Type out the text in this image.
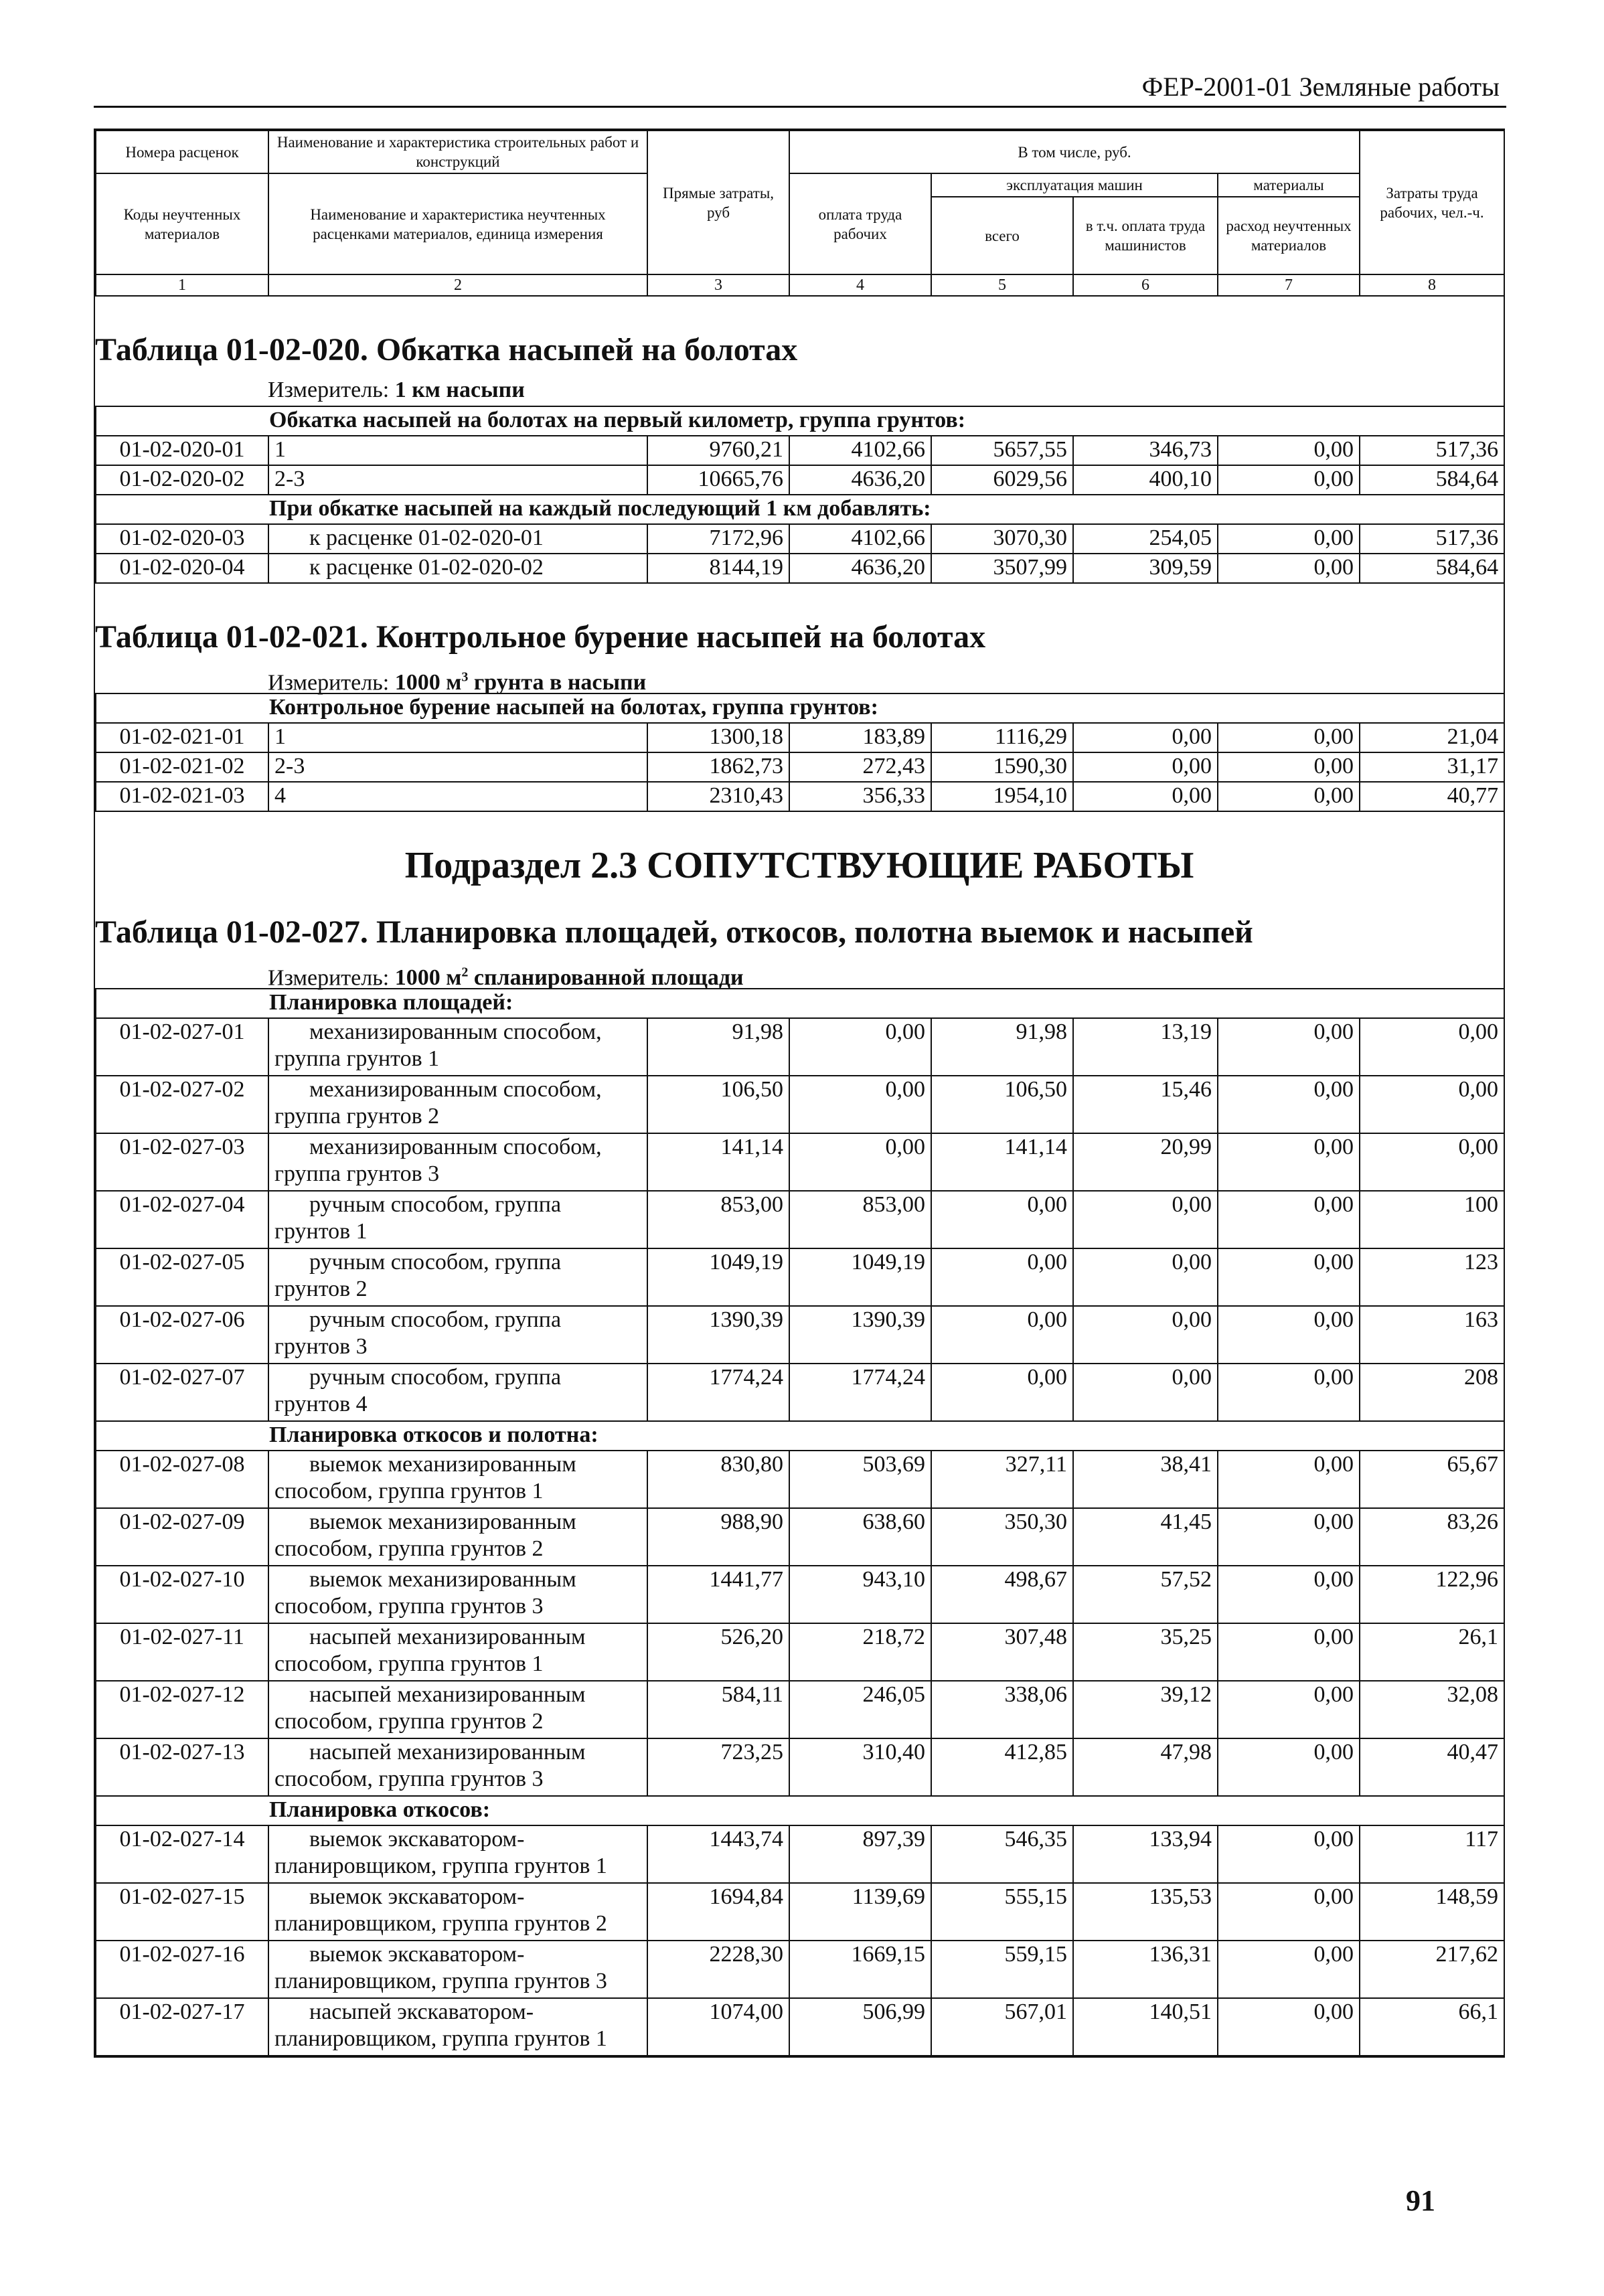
ФЕР-2001-01 Земляные работы
Номера расценок	Наименование и характеристика строительных работ и конструкций	Прямые затраты, руб	В том числе, руб.				Затраты труда рабочих, чел.-ч.
Коды неучтенных материалов	Наименование и характеристика неучтенных расценками материалов, единица измерения		оплата труда рабочих	эксплуатация машин		материалы	
				всего	в т.ч. оплата труда машинистов	расход неучтенных материалов	
1	2	3	4	5	6	7	8
Таблица 01-02-020. Обкатка насыпей на болотах
Измеритель: 1 км насыпи
Обкатка насыпей на болотах на первый километр, группа грунтов:							
01-02-020-01	1	9760,21	4102,66	5657,55	346,73	0,00	517,36
01-02-020-02	2-3	10665,76	4636,20	6029,56	400,10	0,00	584,64
При обкатке насыпей на каждый последующий 1 км добавлять:							
01-02-020-03	к расценке 01-02-020-01	7172,96	4102,66	3070,30	254,05	0,00	517,36
01-02-020-04	к расценке 01-02-020-02	8144,19	4636,20	3507,99	309,59	0,00	584,64
Таблица 01-02-021. Контрольное бурение насыпей на болотах
Измеритель: 1000 $м^3$ грунта в насыпи
Контрольное бурение насыпей на болотах, группа грунтов:							
01-02-021-01	1	1300,18	183,89	1116,29	0,00	0,00	21,04
01-02-021-02	2-3	1862,73	272,43	1590,30	0,00	0,00	31,17
01-02-021-03	4	2310,43	356,33	1954,10	0,00	0,00	40,77
Подраздел 2.3 СОПУТСТВУЮЩИЕ РАБОТЫ
Таблица 01-02-027. Планировка площадей, откосов, полотна выемок и насыпей
Измеритель: 1000 $м^2$ спланированной площади
Планировка площадей:							
01-02-027-01	механизированным способом,
группа грунтов 1	91,98	0,00	91,98	13,19	0,00	0,00
01-02-027-02	механизированным способом,
группа грунтов 2	106,50	0,00	106,50	15,46	0,00	0,00
01-02-027-03	механизированным способом,
группа грунтов 3	141,14	0,00	141,14	20,99	0,00	0,00
01-02-027-04	ручным способом, группа
грунтов 1	853,00	853,00	0,00	0,00	0,00	100
01-02-027-05	ручным способом, группа
грунтов 2	1049,19	1049,19	0,00	0,00	0,00	123
01-02-027-06	ручным способом, группа
грунтов 3	1390,39	1390,39	0,00	0,00	0,00	163
01-02-027-07	ручным способом, группа
грунтов 4	1774,24	1774,24	0,00	0,00	0,00	208
Планировка откосов и полотна:							
01-02-027-08	выемок механизированным
способом, группа грунтов 1	830,80	503,69	327,11	38,41	0,00	65,67
01-02-027-09	выемок механизированным
способом, группа грунтов 2	988,90	638,60	350,30	41,45	0,00	83,26
01-02-027-10	выемок механизированным
способом, группа грунтов 3	1441,77	943,10	498,67	57,52	0,00	122,96
01-02-027-11	насыпей механизированным
способом, группа грунтов 1	526,20	218,72	307,48	35,25	0,00	26,1
01-02-027-12	насыпей механизированным
способом, группа грунтов 2	584,11	246,05	338,06	39,12	0,00	32,08
01-02-027-13	насыпей механизированным
способом, группа грунтов 3	723,25	310,40	412,85	47,98	0,00	40,47
Планировка откосов:							
01-02-027-14	выемок экскаватором-
планировщиком, группа грунтов 1	1443,74	897,39	546,35	133,94	0,00	117
01-02-027-15	выемок экскаватором-
планировщиком, группа грунтов 2	1694,84	1139,69	555,15	135,53	0,00	148,59
01-02-027-16	выемок экскаватором-
планировщиком, группа грунтов 3	2228,30	1669,15	559,15	136,31	0,00	217,62
01-02-027-17	насыпей экскаватором-
планировщиком, группа грунтов 1	1074,00	506,99	567,01	140,51	0,00	66,1
91
